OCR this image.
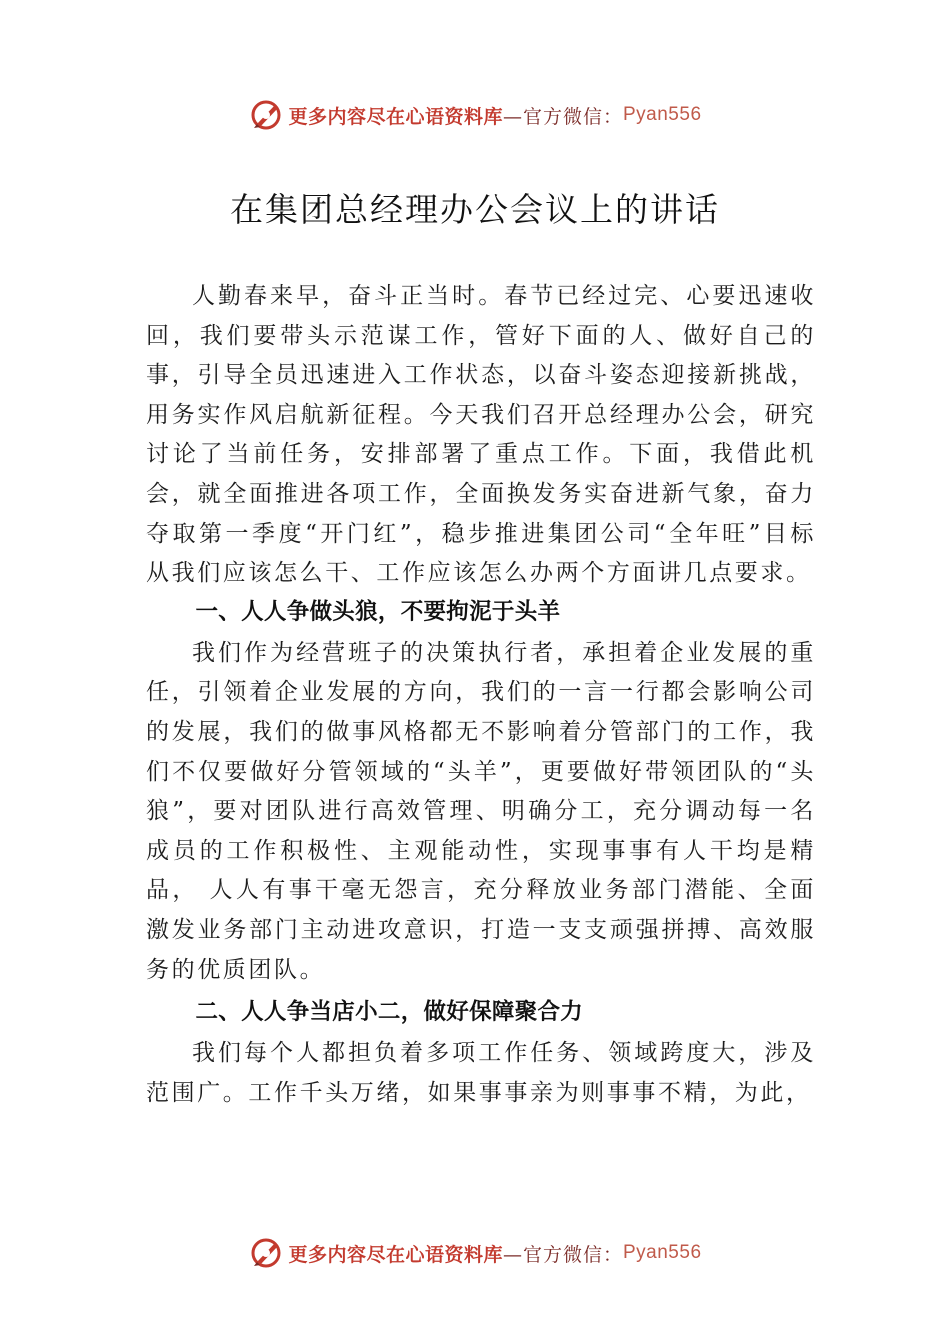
更多内容尽在心语资料库 —官方微信： Pyan556
在集团总经理办公会议上的讲话

人勤春来早，奋斗正当时。春节已经过完、心要迅速收回，我们要带头示范谋工作，管好下面的人、做好自己的事，引导全员迅速进入工作状态，以奋斗姿态迎接新挑战，用务实作风启航新征程。今天我们召开总经理办公会，研究讨论了当前任务，安排部署了重点工作。下面，我借此机会，就全面推进各项工作，全面换发务实奋进新气象，奋力夺取第一季度“开门红”，稳步推进集团公司“全年旺”目标从我们应该怎么干、工作应该怎么办两个方面讲几点要求。

一、人人争做头狼，不要拘泥于头羊

我们作为经营班子的决策执行者，承担着企业发展的重任，引领着企业发展的方向，我们的一言一行都会影响公司的发展，我们的做事风格都无不影响着分管部门的工作，我们不仅要做好分管领域的“头羊”，更要做好带领团队的“头狼”，要对团队进行高效管理、明确分工，充分调动每一名成员的工作积极性、主观能动性，实现事事有人干均是精品， 人人有事干毫无怨言，充分释放业务部门潜能、全面激发业务部门主动进攻意识，打造一支支顽强拼搏、高效服务的优质团队。

二、人人争当店小二，做好保障聚合力

我们每个人都担负着多项工作任务、领域跨度大，涉及范围广。工作千头万绪，如果事事亲为则事事不精，为此，

更多内容尽在心语资料库 —官方微信： Pyan556
